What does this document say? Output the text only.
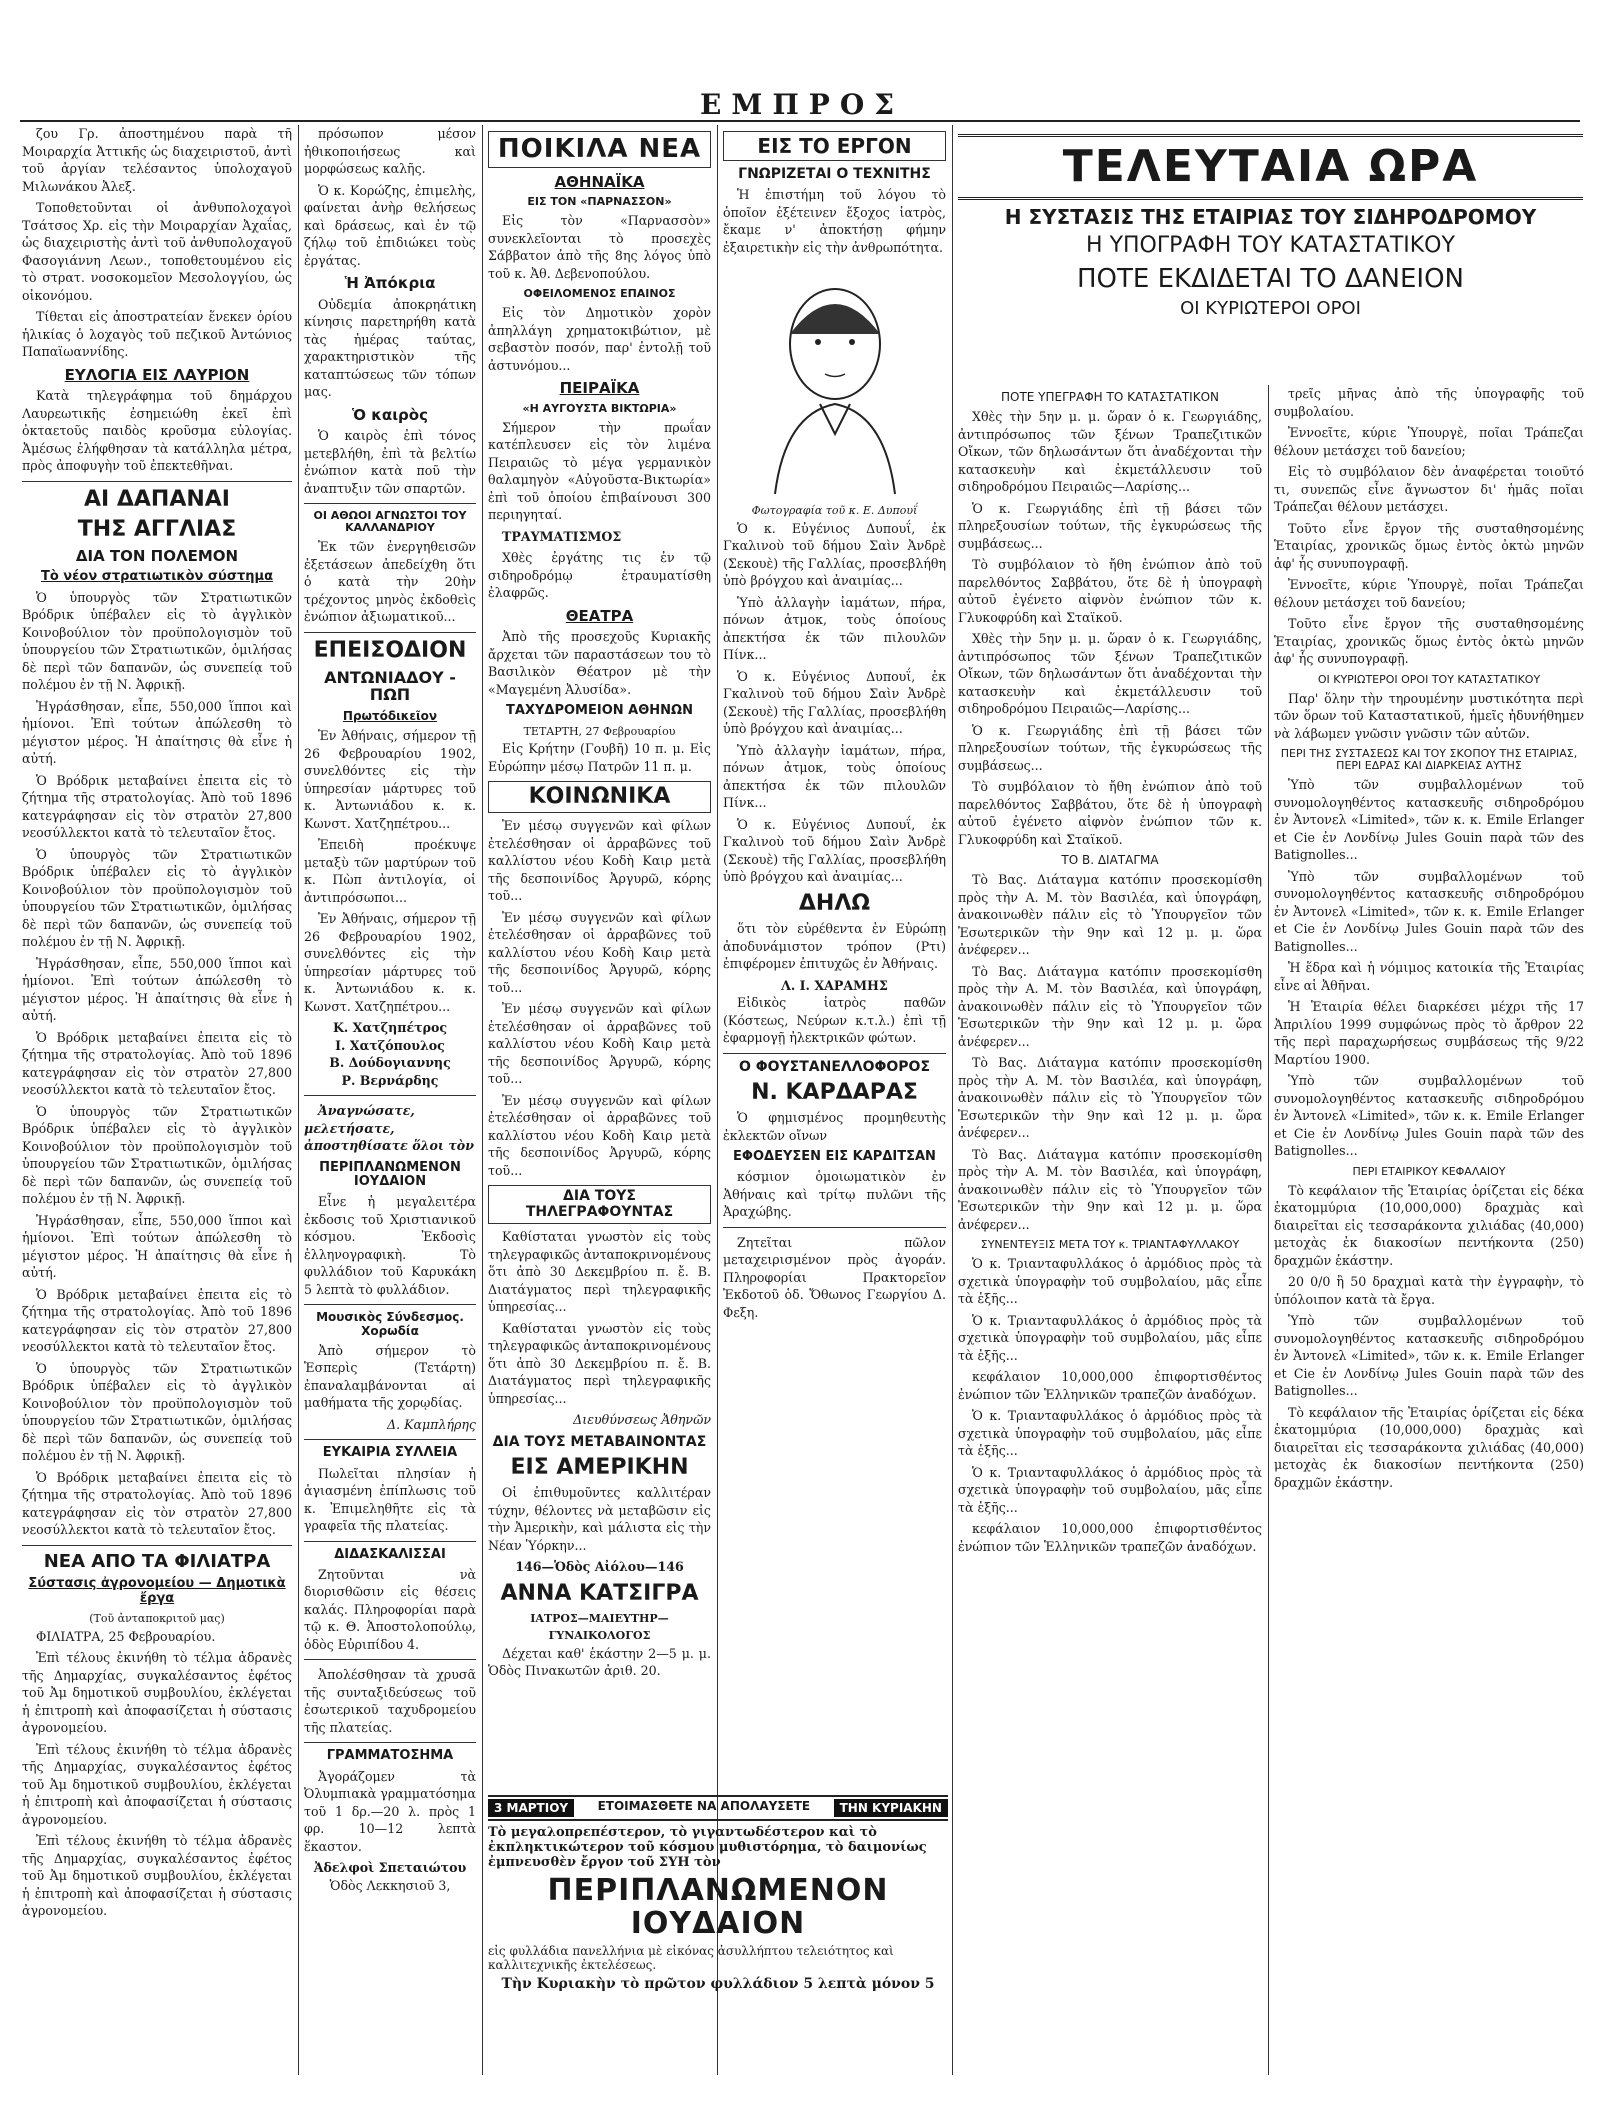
ΕΜΠΡΟΣ

ζου Γρ. ἀποστημένου παρὰ τῆ Μοιραρχία Ἀττικῆς ὡς διαχειριστοῦ, ἀντὶ τοῦ ἀργίαν τελέσαντος ὑπολοχαγοῦ Μιλωνάκου Ἀλεξ.

Τοποθετοῦνται οἱ ἀνθυπολοχαγοὶ Τσάτσος Χρ. εἰς τὴν Μοιραρχίαν Ἀχαΐας, ὡς διαχειριστὴς ἀντὶ τοῦ ἀνθυπολοχαγοῦ Φασογιάννη Λεων., τοποθετουμένου εἰς τὸ στρατ. νοσοκομεῖον Μεσολογγίου, ὡς οἰκονόμου.

Τίθεται εἰς ἀποστρατείαν ἕνεκεν ὁρίου ἡλικίας ὁ λοχαγὸς τοῦ πεζικοῦ Ἀντώνιος Παπαϊωαννίδης.

ΕΥΛΟΓΙΑ ΕΙΣ ΛΑΥΡΙΟΝ

Κατὰ τηλεγράφημα τοῦ δημάρχου Λαυρεωτικῆς ἐσημειώθη ἐκεῖ ἐπὶ ὀκταετοῦς παιδὸς κροῦσμα εὐλογίας. Ἀμέσως ἐλήφθησαν τὰ κατάλληλα μέτρα, πρὸς ἀποφυγὴν τοῦ ἐπεκτεθῆναι.

ΑΙ ΔΑΠΑΝΑΙ
ΤΗΣ ΑΓΓΛΙΑΣ
ΔΙΑ ΤΟΝ ΠΟΛΕΜΟΝ
Τὸ νέον στρατιωτικὸν σύστημα

Ὁ ὑπουργὸς τῶν Στρατιωτικῶν Βρόδρικ ὑπέβαλεν εἰς τὸ ἀγγλικὸν Κοινοβούλιον τὸν προϋπολογισμὸν τοῦ ὑπουργείου τῶν Στρατιωτικῶν, ὁμιλήσας δὲ περὶ τῶν δαπανῶν, ὡς συνεπείᾳ τοῦ πολέμου ἐν τῇ Ν. Ἀφρικῇ.

Ἠγράσθησαν, εἶπε, 550,000 ἵπποι καὶ ἡμίονοι. Ἐπὶ τούτων ἀπώλεσθη τὸ μέγιστον μέρος. Ἡ ἀπαίτησις θὰ εἶνε ἡ αὐτή.

Ὁ Βρόδρικ μεταβαίνει ἐπειτα εἰς τὸ ζήτημα τῆς στρατολογίας. Ἀπὸ τοῦ 1896 κατεγράφησαν εἰς τὸν στρατὸν 27,800 νεοσύλλεκτοι κατὰ τὸ τελευταῖον ἔτος.

Ὁ ὑπουργὸς τῶν Στρατιωτικῶν Βρόδρικ ὑπέβαλεν εἰς τὸ ἀγγλικὸν Κοινοβούλιον τὸν προϋπολογισμὸν τοῦ ὑπουργείου τῶν Στρατιωτικῶν, ὁμιλήσας δὲ περὶ τῶν δαπανῶν, ὡς συνεπείᾳ τοῦ πολέμου ἐν τῇ Ν. Ἀφρικῇ.

Ἠγράσθησαν, εἶπε, 550,000 ἵπποι καὶ ἡμίονοι. Ἐπὶ τούτων ἀπώλεσθη τὸ μέγιστον μέρος. Ἡ ἀπαίτησις θὰ εἶνε ἡ αὐτή.

Ὁ Βρόδρικ μεταβαίνει ἐπειτα εἰς τὸ ζήτημα τῆς στρατολογίας. Ἀπὸ τοῦ 1896 κατεγράφησαν εἰς τὸν στρατὸν 27,800 νεοσύλλεκτοι κατὰ τὸ τελευταῖον ἔτος.

Ὁ ὑπουργὸς τῶν Στρατιωτικῶν Βρόδρικ ὑπέβαλεν εἰς τὸ ἀγγλικὸν Κοινοβούλιον τὸν προϋπολογισμὸν τοῦ ὑπουργείου τῶν Στρατιωτικῶν, ὁμιλήσας δὲ περὶ τῶν δαπανῶν, ὡς συνεπείᾳ τοῦ πολέμου ἐν τῇ Ν. Ἀφρικῇ.

Ἠγράσθησαν, εἶπε, 550,000 ἵπποι καὶ ἡμίονοι. Ἐπὶ τούτων ἀπώλεσθη τὸ μέγιστον μέρος. Ἡ ἀπαίτησις θὰ εἶνε ἡ αὐτή.

Ὁ Βρόδρικ μεταβαίνει ἐπειτα εἰς τὸ ζήτημα τῆς στρατολογίας. Ἀπὸ τοῦ 1896 κατεγράφησαν εἰς τὸν στρατὸν 27,800 νεοσύλλεκτοι κατὰ τὸ τελευταῖον ἔτος.

Ὁ ὑπουργὸς τῶν Στρατιωτικῶν Βρόδρικ ὑπέβαλεν εἰς τὸ ἀγγλικὸν Κοινοβούλιον τὸν προϋπολογισμὸν τοῦ ὑπουργείου τῶν Στρατιωτικῶν, ὁμιλήσας δὲ περὶ τῶν δαπανῶν, ὡς συνεπείᾳ τοῦ πολέμου ἐν τῇ Ν. Ἀφρικῇ.

Ὁ Βρόδρικ μεταβαίνει ἐπειτα εἰς τὸ ζήτημα τῆς στρατολογίας. Ἀπὸ τοῦ 1896 κατεγράφησαν εἰς τὸν στρατὸν 27,800 νεοσύλλεκτοι κατὰ τὸ τελευταῖον ἔτος.

ΝΕΑ ΑΠΟ ΤΑ ΦΙΛΙΑΤΡΑ
Σύστασις ἀγρονομείου — Δημοτικὰ ἔργα
(Τοῦ ἀνταποκριτοῦ μας)

ΦΙΛΙΑΤΡΑ, 25 Φεβρουαρίου.

Ἐπὶ τέλους ἐκινήθη τὸ τέλμα ἀδρανὲς τῆς Δημαρχίας, συγκαλέσαντος ἐφέτος τοῦ Ἀμ δημοτικοῦ συμβουλίου, ἐκλέγεται ἡ ἐπιτροπὴ καὶ ἀποφασίζεται ἡ σύστασις ἀγρονομείου.

Ἐπὶ τέλους ἐκινήθη τὸ τέλμα ἀδρανὲς τῆς Δημαρχίας, συγκαλέσαντος ἐφέτος τοῦ Ἀμ δημοτικοῦ συμβουλίου, ἐκλέγεται ἡ ἐπιτροπὴ καὶ ἀποφασίζεται ἡ σύστασις ἀγρονομείου.

Ἐπὶ τέλους ἐκινήθη τὸ τέλμα ἀδρανὲς τῆς Δημαρχίας, συγκαλέσαντος ἐφέτος τοῦ Ἀμ δημοτικοῦ συμβουλίου, ἐκλέγεται ἡ ἐπιτροπὴ καὶ ἀποφασίζεται ἡ σύστασις ἀγρονομείου.

πρόσωπον μέσον ἠθικοποιήσεως καὶ μορφώσεως καλῆς.

Ὁ κ. Κορώζης, ἐπιμελὴς, φαίνεται ἀνὴρ θελήσεως καὶ δράσεως, καὶ ἐν τῷ ζήλῳ τοῦ ἐπιδιώκει τοὺς ἐργάτας.

Ἡ Ἀπόκρια

Οὐδεμία ἀποκρηάτικη κίνησις παρετηρήθη κατὰ τὰς ἡμέρας ταύτας, χαρακτηριστικὸν τῆς καταπτώσεως τῶν τόπων μας.

Ὁ καιρὸς

Ὁ καιρὸς ἐπὶ τόνος μετεβλήθη, ἐπὶ τὰ βελτίω ἐνώπιον κατὰ ποῦ τὴν ἀναπτυξιν τῶν σπαρτῶν.

ΟΙ ΑΘΩΟΙ ΑΓΝΩΣΤΟΙ ΤΟΥ ΚΑΛΛΑΝΔΡΙΟΥ

Ἐκ τῶν ἐνεργηθεισῶν ἐξετάσεων ἀπεδείχθη ὅτι ὁ κατὰ τὴν 20ὴν τρέχοντος μηνὸς ἐκδοθεὶς ἐνώπιον ἀξιωματικοῦ...

ΕΠΕΙΣΟΔΙΟΝ
ΑΝΤΩΝΙΑΔΟΥ - ΠΩΠ
Πρωτόδικεῖον

Ἐν Ἀθήναις, σήμερον τῇ 26 Φεβρουαρίου 1902, συνελθόντες εἰς τὴν ὑπηρεσίαν μάρτυρες τοῦ κ. Ἀντωνιάδου κ. κ. Κωνστ. Χατζηπέτρου...

Ἐπειδὴ προέκυψε μεταξὺ τῶν μαρτύρων τοῦ κ. Πὼπ ἀντιλογία, οἱ ἀντιπρόσωποι...

Ἐν Ἀθήναις, σήμερον τῇ 26 Φεβρουαρίου 1902, συνελθόντες εἰς τὴν ὑπηρεσίαν μάρτυρες τοῦ κ. Ἀντωνιάδου κ. κ. Κωνστ. Χατζηπέτρου...

Κ. Χατζηπέτρος
Ι. Χατζόπουλος
Β. Δούδογιαννης
Ρ. Βερνάρδης

Ἀναγνώσατε, μελετήσατε, ἀποστηθίσατε ὅλοι τὸν

ΠΕΡΙΠΛΑΝΩΜΕΝΟΝ ΙΟΥΔΑΙΟΝ

Εἶνε ἡ μεγαλειτέρα ἐκδοσις τοῦ Χριστιανικοῦ κόσμου. Ἐκδοσὶς ἑλληνογραφικὴ. Τὸ φυλλάδιον τοῦ Καρυκάκη 5 λεπτὰ τὸ φυλλάδιον.

Μουσικὸς Σύνδεσμος. Χορωδία

Ἀπὸ σήμερον τὸ Ἑσπερὶς (Τετάρτη) ἐπαναλαμβάνονται αἱ μαθήματα τῆς χορῳδίας.

Δ. Καμπλήρης
ΕΥΚΑΙΡΙΑ ΣΥΛΛΕΙΑ

Πωλεῖται πλησίαν ἡ ἁγιασμένη ἐπίπλωσις τοῦ κ. Ἐπιμεληθῆτε εἰς τὰ γραφεῖα τῆς πλατείας.

ΔΙΔΑΣΚΑΛΙΣΣΑΙ

Ζητοῦνται νὰ διορισθῶσιν εἰς θέσεις καλάς. Πληροφορίαι παρὰ τῷ κ. Θ. Ἀποστολοπούλῳ, ὁδὸς Εὐριπίδου 4.

Ἀπολέσθησαν τὰ χρυσᾶ τῆς συνταξιδεύσεως τοῦ ἐσωτερικοῦ ταχυδρομείου τῆς πλατείας.

ΓΡΑΜΜΑΤΟΣΗΜΑ

Ἀγοράζομεν τὰ Ὀλυμπιακὰ γραμματόσημα τοῦ 1 δρ.—20 λ. πρὸς 1 φρ. 10—12 λεπτὰ ἕκαστον.

Ἀδελφοὶ Σπεταιώτου
Ὁδὸς Λεκκησιοῦ 3,
ΠΟΙΚΙΛΑ ΝΕΑ
ΑΘΗΝΑΪΚΑ
ΕΙΣ ΤΟΝ «ΠΑΡΝΑΣΣΟΝ»

Εἰς τὸν «Παρνασσὸν» συνεκλεῖονται τὸ προσεχὲς Σάββατον ἀπὸ τῆς 8ης λόγος ὑπὸ τοῦ κ. Ἀθ. Δεβενοπούλου.

ΟΦΕΙΛΟΜΕΝΟΣ ΕΠΑΙΝΟΣ

Εἰς τὸν Δημοτικὸν χορὸν ἀπηλλάγη χρηματοκιβώτιον, μὲ σεβαστὸν ποσόν, παρ' ἐντολῇ τοῦ ἀστυνόμου...

ΠΕΙΡΑΪΚΑ
«Η ΑΥΓΟΥΣΤΑ ΒΙΚΤΩΡΙΑ»

Σήμερον τὴν πρωΐαν κατέπλευσεν εἰς τὸν λιμένα Πειραιῶς τὸ μέγα γερμανικὸν θαλαμηγὸν «Αὐγοῦστα-Βικτωρία» ἐπὶ τοῦ ὁποίου ἐπιβαίνουσι 300 περιηγηταί.

ΤΡΑΥΜΑΤΙΣΜΟΣ

Χθὲς ἐργάτης τις ἐν τῷ σιδηροδρόμῳ ἐτραυματίσθη ἐλαφρῶς.

ΘΕΑΤΡΑ

Ἀπὸ τῆς προσεχοῦς Κυριακῆς ἄρχεται τῶν παραστάσεων του τὸ Βασιλικὸν Θέατρον μὲ τὴν «Μαγεμένη Ἀλυσίδα».

ΤΑΧΥΔΡΟΜΕΙΟΝ ΑΘΗΝΩΝ
ΤΕΤΑΡΤΗ, 27 Φεβρουαρίου

Εἰς Κρήτην (Γουβῆ) 10 π. μ. Εἰς Εὐρώπην μέσῳ Πατρῶν 11 π. μ.

ΚΟΙΝΩΝΙΚΑ

Ἐν μέσῳ συγγενῶν καὶ φίλων ἐτελέσθησαν οἱ ἀρραβῶνες τοῦ καλλίστου νέου Κοδὴ Καιρ μετὰ τῆς δεσποινίδος Ἀργυρῶ, κόρης τοῦ...

Ἐν μέσῳ συγγενῶν καὶ φίλων ἐτελέσθησαν οἱ ἀρραβῶνες τοῦ καλλίστου νέου Κοδὴ Καιρ μετὰ τῆς δεσποινίδος Ἀργυρῶ, κόρης τοῦ...

Ἐν μέσῳ συγγενῶν καὶ φίλων ἐτελέσθησαν οἱ ἀρραβῶνες τοῦ καλλίστου νέου Κοδὴ Καιρ μετὰ τῆς δεσποινίδος Ἀργυρῶ, κόρης τοῦ...

Ἐν μέσῳ συγγενῶν καὶ φίλων ἐτελέσθησαν οἱ ἀρραβῶνες τοῦ καλλίστου νέου Κοδὴ Καιρ μετὰ τῆς δεσποινίδος Ἀργυρῶ, κόρης τοῦ...

ΔΙΑ ΤΟΥΣ ΤΗΛΕΓΡΑΦΟΥΝΤΑΣ

Καθίσταται γνωστὸν εἰς τοὺς τηλεγραφικῶς ἀνταποκρινομένους ὅτι ἀπὸ 30 Δεκεμβρίου π. ἔ. Β. Διατάγματος περὶ τηλεγραφικῆς ὑπηρεσίας...

Καθίσταται γνωστὸν εἰς τοὺς τηλεγραφικῶς ἀνταποκρινομένους ὅτι ἀπὸ 30 Δεκεμβρίου π. ἔ. Β. Διατάγματος περὶ τηλεγραφικῆς ὑπηρεσίας...

Διευθύνσεως Ἀθηνῶν
ΔΙΑ ΤΟΥΣ ΜΕΤΑΒΑΙΝΟΝΤΑΣ
ΕΙΣ ΑΜΕΡΙΚΗΝ

Οἱ ἐπιθυμοῦντες καλλιτέραν τύχην, θέλοντες νὰ μεταβῶσιν εἰς τὴν Ἀμερικὴν, καὶ μάλιστα εἰς τὴν Νέαν Ὑόρκην...

146—Ὁδὸς Αἰόλου—146
ΑΝΝΑ ΚΑΤΣΙΓΡΑ
ΙΑΤΡΟΣ—ΜΑΙΕΥΤΗΡ—ΓΥΝΑΙΚΟΛΟΓΟΣ

Δέχεται καθ' ἑκάστην 2—5 μ. μ. Ὁδὸς Πινακωτῶν ἀριθ. 20.

ΕΙΣ ΤΟ ΕΡΓΟΝ
ΓΝΩΡΙΖΕΤΑΙ Ο ΤΕΧΝΙΤΗΣ

Ἡ ἐπιστήμη τοῦ λόγου τὸ ὁποῖον ἐξέτεινεν ἔξοχος ἰατρὸς, ἔκαμε ν' ἀποκτήσῃ φήμην ἐξαιρετικὴν εἰς τὴν ἀνθρωπότητα.

Φωτογραφία τοῦ κ. Ε. Δυπουΐ

Ὁ κ. Εὐγένιος Δυπουΐ, ἐκ Γκαλινοὺ τοῦ δήμου Σαὶν Ἀνδρὲ (Σεκουὲ) τῆς Γαλλίας, προσεβλήθη ὑπὸ βρόγχου καὶ ἀναιμίας...

Ὑπὸ ἀλλαγὴν ἰαμάτων, πήρα, πόνων ἀτμοκ, τοὺς ὁποίους ἀπεκτήσα ἐκ τῶν πιλουλῶν Πίνκ...

Ὁ κ. Εὐγένιος Δυπουΐ, ἐκ Γκαλινοὺ τοῦ δήμου Σαὶν Ἀνδρὲ (Σεκουὲ) τῆς Γαλλίας, προσεβλήθη ὑπὸ βρόγχου καὶ ἀναιμίας...

Ὑπὸ ἀλλαγὴν ἰαμάτων, πήρα, πόνων ἀτμοκ, τοὺς ὁποίους ἀπεκτήσα ἐκ τῶν πιλουλῶν Πίνκ...

Ὁ κ. Εὐγένιος Δυπουΐ, ἐκ Γκαλινοὺ τοῦ δήμου Σαὶν Ἀνδρὲ (Σεκουὲ) τῆς Γαλλίας, προσεβλήθη ὑπὸ βρόγχου καὶ ἀναιμίας...

ΔΗΛΩ

ὅτι τὸν εὐρέθεντα ἐν Εὐρώπῃ ἀποδυνάμιστον τρόπον (Ρτι) ἐπιφέρομεν ἐπιτυχῶς ἐν Ἀθήναις.

Λ. Ι. ΧΑΡΑΜΗΣ

Εἰδικὸς ἰατρὸς παθῶν (Κόστεως, Νεύρων κ.τ.λ.) ἐπὶ τῇ ἐφαρμογῇ ἠλεκτρικῶν φώτων.

Ο ΦΟΥΣΤΑΝΕΛΛΟΦΟΡΟΣ
Ν. ΚΑΡΔΑΡΑΣ

Ὁ φημισμένος προμηθευτὴς ἐκλεκτῶν οἴνων

ΕΦΟΔΕΥΣΕΝ ΕΙΣ ΚΑΡΔΙΤΣΑΝ

κόσμιον ὁμοιωματικὸν ἐν Ἀθήναις καὶ τρίτῳ πυλῶνι τῆς Ἀραχώβης.

Ζητεῖται πῶλον μεταχειρισμένον πρὸς ἀγοράν. Πληροφορίαι Πρακτορεῖον Ἐκδοτοῦ ὁδ. Ὄθωνος Γεωργίου Δ. Φεξη.

3 ΜΑΡΤΙΟΥ	ΕΤΟΙΜΑΣΘΕΤΕ ΝΑ ΑΠΟΛΑΥΣΕΤΕ	ΤΗΝ ΚΥΡΙΑΚΗΝ

Τὸ μεγαλοπρεπέστερον, τὸ γιγαντωδέστερον καὶ τὸ ἐκπληκτικώτερον τοῦ κόσμου μυθιστόρημα, τὸ δαιμονίως ἐμπνευσθὲν ἔργον τοῦ ΣΥΗ τὸν

ΠΕΡΙΠΛΑΝΩΜΕΝΟΝ ΙΟΥΔΑΙΟΝ

εἰς φυλλάδια πανελλήνια μὲ εἰκόνας ἀσυλλήπτου τελειότητος καὶ καλλιτεχνικῆς ἐκτελέσεως.

Τὴν Κυριακὴν τὸ πρῶτον φυλλάδιον 5 λεπτὰ μόνον 5
ΤΕΛΕΥΤΑΙΑ ΩΡΑ
Η ΣΥΣΤΑΣΙΣ ΤΗΣ ΕΤΑΙΡΙΑΣ ΤΟΥ ΣΙΔΗΡΟΔΡΟΜΟΥ
Η ΥΠΟΓΡΑΦΗ ΤΟΥ ΚΑΤΑΣΤΑΤΙΚΟΥ
ΠΟΤΕ ΕΚΔΙΔΕΤΑΙ ΤΟ ΔΑΝΕΙΟΝ
ΟΙ ΚΥΡΙΩΤΕΡΟΙ ΟΡΟΙ
ΠΟΤΕ ΥΠΕΓΡΑΦΗ ΤΟ ΚΑΤΑΣΤΑΤΙΚΟΝ

Χθὲς τὴν 5ην μ. μ. ὥραν ὁ κ. Γεωργιάδης, ἀντιπρόσωπος τῶν ξένων Τραπεζιτικῶν Οἴκων, τῶν δηλωσάντων ὅτι ἀναδέχονται τὴν κατασκευὴν καὶ ἐκμετάλλευσιν τοῦ σιδηροδρόμου Πειραιῶς—Λαρίσης...

Ὁ κ. Γεωργιάδης ἐπὶ τῇ βάσει τῶν πληρεξουσίων τούτων, τῆς ἐγκυρώσεως τῆς συμβάσεως...

Τὸ συμβόλαιον τὸ ἤθη ἐνώπιον ἀπὸ τοῦ παρελθόντος Σαββάτου, ὅτε δὲ ἡ ὑπογραφὴ αὐτοῦ ἐγένετο αἰφνὸν ἐνώπιον τῶν κ. Γλυκοφρύδη καὶ Σταϊκοῦ.

Χθὲς τὴν 5ην μ. μ. ὥραν ὁ κ. Γεωργιάδης, ἀντιπρόσωπος τῶν ξένων Τραπεζιτικῶν Οἴκων, τῶν δηλωσάντων ὅτι ἀναδέχονται τὴν κατασκευὴν καὶ ἐκμετάλλευσιν τοῦ σιδηροδρόμου Πειραιῶς—Λαρίσης...

Ὁ κ. Γεωργιάδης ἐπὶ τῇ βάσει τῶν πληρεξουσίων τούτων, τῆς ἐγκυρώσεως τῆς συμβάσεως...

Τὸ συμβόλαιον τὸ ἤθη ἐνώπιον ἀπὸ τοῦ παρελθόντος Σαββάτου, ὅτε δὲ ἡ ὑπογραφὴ αὐτοῦ ἐγένετο αἰφνὸν ἐνώπιον τῶν κ. Γλυκοφρύδη καὶ Σταϊκοῦ.

ΤΟ Β. ΔΙΑΤΑΓΜΑ

Τὸ Βας. Διάταγμα κατόπιν προσεκομίσθη πρὸς τὴν Α. Μ. τὸν Βασιλέα, καὶ ὑπογράφη, ἀνακοινωθὲν πάλιν εἰς τὸ Ὑπουργεῖον τῶν Ἐσωτερικῶν τὴν 9ην καὶ 12 μ. μ. ὥρα ἀνέφερεν...

Τὸ Βας. Διάταγμα κατόπιν προσεκομίσθη πρὸς τὴν Α. Μ. τὸν Βασιλέα, καὶ ὑπογράφη, ἀνακοινωθὲν πάλιν εἰς τὸ Ὑπουργεῖον τῶν Ἐσωτερικῶν τὴν 9ην καὶ 12 μ. μ. ὥρα ἀνέφερεν...

Τὸ Βας. Διάταγμα κατόπιν προσεκομίσθη πρὸς τὴν Α. Μ. τὸν Βασιλέα, καὶ ὑπογράφη, ἀνακοινωθὲν πάλιν εἰς τὸ Ὑπουργεῖον τῶν Ἐσωτερικῶν τὴν 9ην καὶ 12 μ. μ. ὥρα ἀνέφερεν...

Τὸ Βας. Διάταγμα κατόπιν προσεκομίσθη πρὸς τὴν Α. Μ. τὸν Βασιλέα, καὶ ὑπογράφη, ἀνακοινωθὲν πάλιν εἰς τὸ Ὑπουργεῖον τῶν Ἐσωτερικῶν τὴν 9ην καὶ 12 μ. μ. ὥρα ἀνέφερεν...

ΣΥΝΕΝΤΕΥΞΙΣ ΜΕΤΑ ΤΟΥ κ. ΤΡΙΑΝΤΑΦΥΛΛΑΚΟΥ

Ὁ κ. Τριανταφυλλάκος ὁ ἀρμόδιος πρὸς τὰ σχετικὰ ὑπογραφὴν τοῦ συμβολαίου, μᾶς εἶπε τὰ ἑξῆς...

Ὁ κ. Τριανταφυλλάκος ὁ ἀρμόδιος πρὸς τὰ σχετικὰ ὑπογραφὴν τοῦ συμβολαίου, μᾶς εἶπε τὰ ἑξῆς...

κεφάλαιον 10,000,000 ἐπιφορτισθέντος ἐνώπιον τῶν Ἑλληνικῶν τραπεζῶν ἀναδόχων.

Ὁ κ. Τριανταφυλλάκος ὁ ἀρμόδιος πρὸς τὰ σχετικὰ ὑπογραφὴν τοῦ συμβολαίου, μᾶς εἶπε τὰ ἑξῆς...

Ὁ κ. Τριανταφυλλάκος ὁ ἀρμόδιος πρὸς τὰ σχετικὰ ὑπογραφὴν τοῦ συμβολαίου, μᾶς εἶπε τὰ ἑξῆς...

κεφάλαιον 10,000,000 ἐπιφορτισθέντος ἐνώπιον τῶν Ἑλληνικῶν τραπεζῶν ἀναδόχων.

τρεῖς μῆνας ἀπὸ τῆς ὑπογραφῆς τοῦ συμβολαίου.

Ἐννοεῖτε, κύριε Ὑπουργὲ, ποῖαι Τράπεζαι θέλουν μετάσχει τοῦ δανείου;

Εἰς τὸ συμβόλαιον δὲν ἀναφέρεται τοιοῦτό τι, συνεπῶς εἶνε ἄγνωστον δι' ἡμᾶς ποῖαι Τράπεζαι θέλουν μετάσχει.

Τοῦτο εἶνε ἔργον τῆς συσταθησομένης Ἑταιρίας, χρονικῶς ὅμως ἐντὸς ὀκτὼ μηνῶν ἀφ' ἧς συνυπογραφῇ.

Ἐννοεῖτε, κύριε Ὑπουργὲ, ποῖαι Τράπεζαι θέλουν μετάσχει τοῦ δανείου;

Τοῦτο εἶνε ἔργον τῆς συσταθησομένης Ἑταιρίας, χρονικῶς ὅμως ἐντὸς ὀκτὼ μηνῶν ἀφ' ἧς συνυπογραφῇ.

ΟΙ ΚΥΡΙΩΤΕΡΟΙ ΟΡΟΙ ΤΟΥ ΚΑΤΑΣΤΑΤΙΚΟΥ

Παρ' ὅλην τὴν τηρουμένην μυστικότητα περὶ τῶν ὅρων τοῦ Καταστατικοῦ, ἡμεῖς ἠδυνήθημεν νὰ λάβωμεν γνῶσιν γνῶσιν τῶν αὐτῶν.

ΠΕΡΙ ΤΗΣ ΣΥΣΤΑΣΕΩΣ ΚΑΙ ΤΟΥ ΣΚΟΠΟΥ ΤΗΣ ΕΤΑΙΡΙΑΣ, ΠΕΡΙ ΕΔΡΑΣ ΚΑΙ ΔΙΑΡΚΕΙΑΣ ΑΥΤΗΣ

Ὑπὸ τῶν συμβαλλομένων τοῦ συνομολογηθέντος κατασκευῆς σιδηροδρόμου ἐν Ἀντονελ «Limited», τῶν κ. κ. Emile Erlanger et Cie ἐν Λονδίνῳ Jules Gouin παρὰ τῶν des Batignolles...

Ὑπὸ τῶν συμβαλλομένων τοῦ συνομολογηθέντος κατασκευῆς σιδηροδρόμου ἐν Ἀντονελ «Limited», τῶν κ. κ. Emile Erlanger et Cie ἐν Λονδίνῳ Jules Gouin παρὰ τῶν des Batignolles...

Ἡ ἕδρα καὶ ἡ νόμιμος κατοικία τῆς Ἑταιρίας εἶνε αἱ Ἀθῆναι.

Ἡ Ἑταιρία θέλει διαρκέσει μέχρι τῆς 17 Ἀπριλίου 1999 συμφώνως πρὸς τὸ ἄρθρον 22 τῆς περὶ παραχωρήσεως συμβάσεως τῆς 9/22 Μαρτίου 1900.

Ὑπὸ τῶν συμβαλλομένων τοῦ συνομολογηθέντος κατασκευῆς σιδηροδρόμου ἐν Ἀντονελ «Limited», τῶν κ. κ. Emile Erlanger et Cie ἐν Λονδίνῳ Jules Gouin παρὰ τῶν des Batignolles...

ΠΕΡΙ ΕΤΑΙΡΙΚΟΥ ΚΕΦΑΛΑΙΟΥ

Τὸ κεφάλαιον τῆς Ἑταιρίας ὁρίζεται εἰς δέκα ἑκατομμύρια (10,000,000) δραχμὰς καὶ διαιρεῖται εἰς τεσσαράκοντα χιλιάδας (40,000) μετοχὰς ἐκ διακοσίων πεντήκοντα (250) δραχμῶν ἑκάστην.

20 0/0 ἢ 50 δραχμαὶ κατὰ τὴν ἐγγραφὴν, τὸ ὑπόλοιπον κατὰ τὰ ἔργα.

Ὑπὸ τῶν συμβαλλομένων τοῦ συνομολογηθέντος κατασκευῆς σιδηροδρόμου ἐν Ἀντονελ «Limited», τῶν κ. κ. Emile Erlanger et Cie ἐν Λονδίνῳ Jules Gouin παρὰ τῶν des Batignolles...

Τὸ κεφάλαιον τῆς Ἑταιρίας ὁρίζεται εἰς δέκα ἑκατομμύρια (10,000,000) δραχμὰς καὶ διαιρεῖται εἰς τεσσαράκοντα χιλιάδας (40,000) μετοχὰς ἐκ διακοσίων πεντήκοντα (250) δραχμῶν ἑκάστην.
